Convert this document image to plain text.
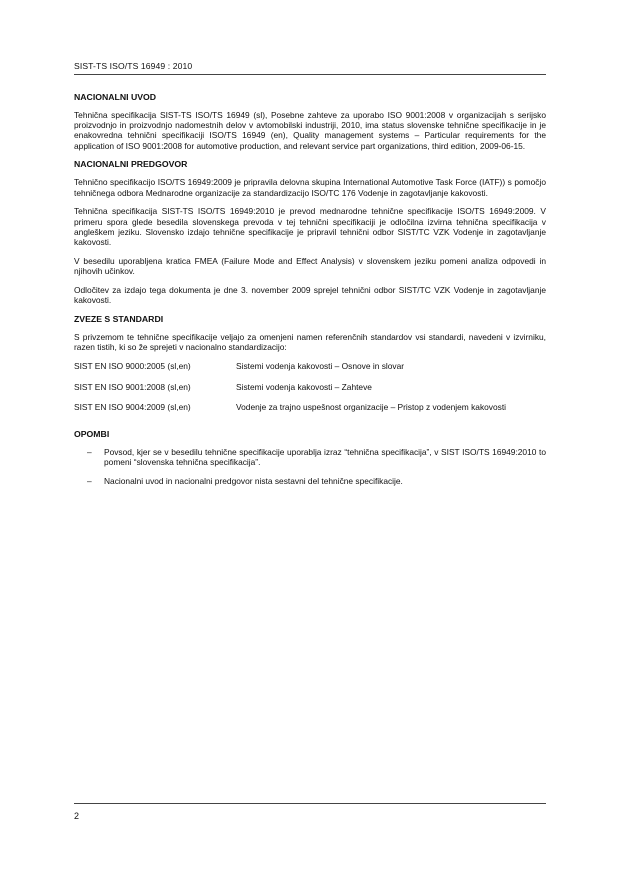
SIST-TS ISO/TS 16949 : 2010
NACIONALNI UVOD

Tehnična specifikacija SIST-TS ISO/TS 16949 (sl), Posebne zahteve za uporabo ISO 9001:2008 v organizacijah s serijsko proizvodnjo in proizvodnjo nadomestnih delov v avtomobilski industriji, 2010, ima status slovenske tehnične specifikacije in je enakovredna tehnični specifikaciji ISO/TS 16949 (en), Quality management systems – Particular requirements for the application of ISO 9001:2008 for automotive production, and relevant service part organizations, third edition, 2009-06-15.

NACIONALNI PREDGOVOR

Tehnično specifikacijo ISO/TS 16949:2009 je pripravila delovna skupina International Automotive Task Force (IATF)) s pomočjo tehničnega odbora Mednarodne organizacije za standardizacijo ISO/TC 176 Vodenje in zagotavljanje kakovosti.

Tehnična specifikacija SIST-TS ISO/TS 16949:2010 je prevod mednarodne tehnične specifikacije ISO/TS 16949:2009. V primeru spora glede besedila slovenskega prevoda v tej tehnični specifikaciji je odločilna izvirna tehnična specifikacija v angleškem jeziku. Slovensko izdajo tehnične specifikacije je pripravil tehnični odbor SIST/TC VZK Vodenje in zagotavljanje kakovosti.

V besedilu uporabljena kratica FMEA (Failure Mode and Effect Analysis) v slovenskem jeziku pomeni analiza odpovedi in njihovih učinkov.

Odločitev za izdajo tega dokumenta je dne 3. november 2009 sprejel tehnični odbor SIST/TC VZK Vodenje in zagotavljanje kakovosti.

ZVEZE S STANDARDI

S privzemom te tehnične specifikacije veljajo za omenjeni namen referenčnih standardov vsi standardi, navedeni v izvirniku, razen tistih, ki so že sprejeti v nacionalno standardizacijo:

SIST EN ISO 9000:2005 (sl,en)	Sistemi vodenja kakovosti – Osnove in slovar
SIST EN ISO 9001:2008 (sl,en)	Sistemi vodenja kakovosti – Zahteve
SIST EN ISO 9004:2009 (sl,en)	Vodenje za trajno uspešnost organizacije – Pristop z vodenjem kakovosti
OPOMBI
– Povsod, kjer se v besedilu tehnične specifikacije uporablja izraz “tehnična specifikacija”, v SIST ISO/TS 16949:2010 to pomeni “slovenska tehnična specifikacija”.
– Nacionalni uvod in nacionalni predgovor nista sestavni del tehnične specifikacije.
2
